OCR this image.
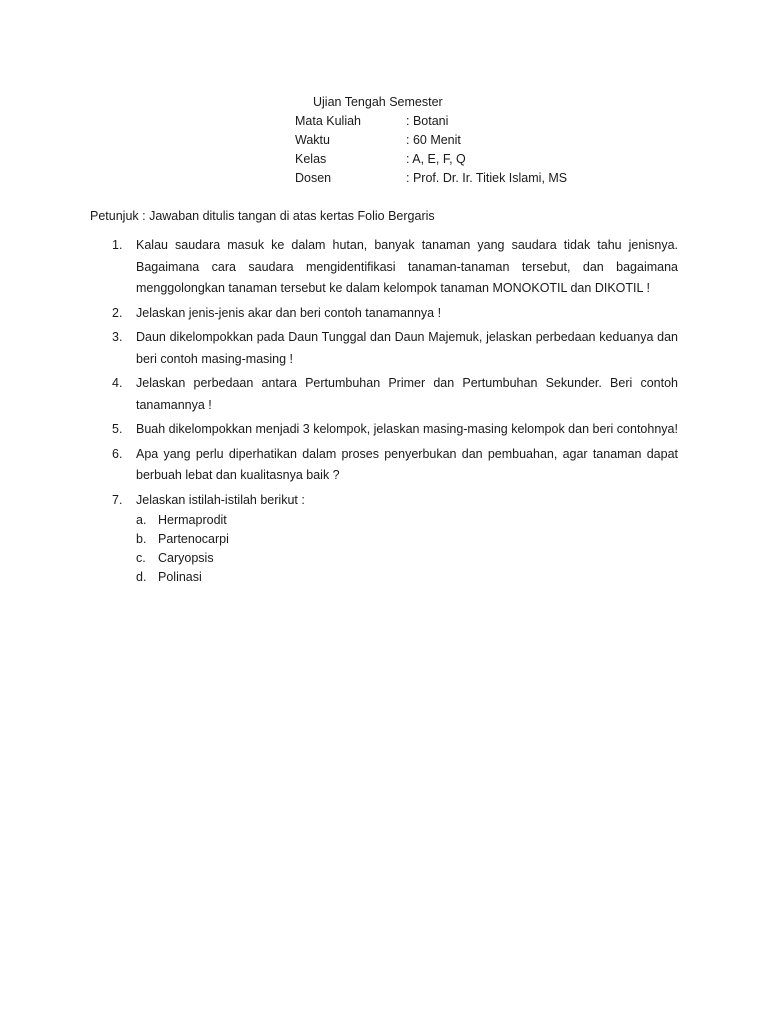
Ujian Tengah Semester
Mata Kuliah	: Botani
Waktu	: 60 Menit
Kelas	: A, E, F, Q
Dosen	: Prof. Dr. Ir. Titiek Islami, MS
Petunjuk : Jawaban ditulis tangan di atas kertas Folio Bergaris
1. Kalau saudara masuk ke dalam hutan, banyak tanaman yang saudara tidak tahu jenisnya. Bagaimana cara saudara mengidentifikasi tanaman-tanaman tersebut, dan bagaimana menggolongkan tanaman tersebut ke dalam kelompok tanaman MONOKOTIL dan DIKOTIL !
2. Jelaskan jenis-jenis akar dan beri contoh tanamannya !
3. Daun dikelompokkan pada Daun Tunggal dan Daun Majemuk, jelaskan perbedaan keduanya dan beri contoh masing-masing !
4. Jelaskan perbedaan antara Pertumbuhan Primer dan Pertumbuhan Sekunder. Beri contoh tanamannya !
5. Buah dikelompokkan menjadi 3 kelompok, jelaskan masing-masing kelompok dan beri contohnya!
6. Apa yang perlu diperhatikan dalam proses penyerbukan dan pembuahan, agar tanaman dapat berbuah lebat dan kualitasnya baik ?
7. Jelaskan istilah-istilah berikut :
a. Hermaprodit
b. Partenocarpi
c. Caryopsis
d. Polinasi
